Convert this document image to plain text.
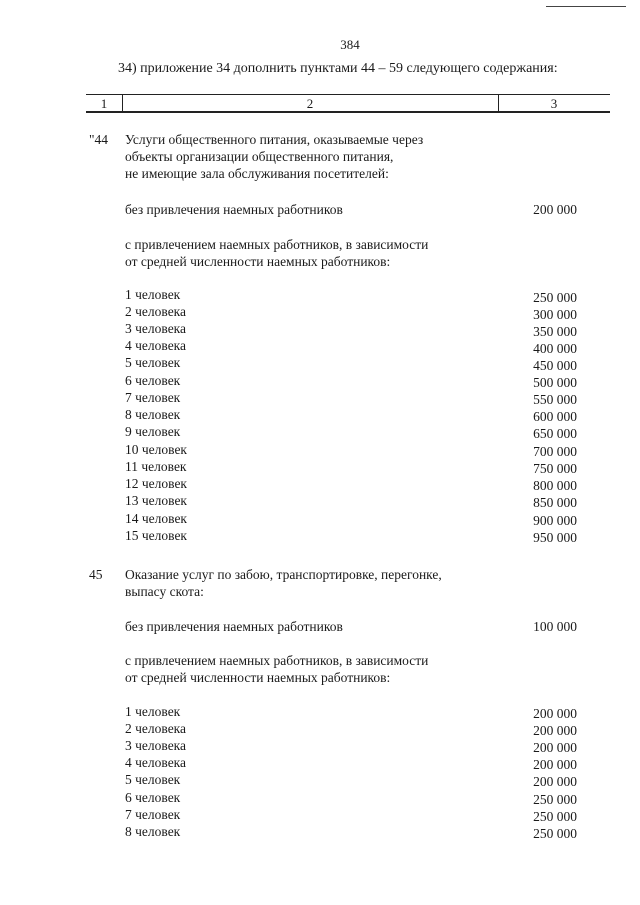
384
34) приложение 34 дополнить пунктами 44 – 59 следующего содержания:
1	2	3
"44 Услуги общественного питания, оказываемые через
объекты организации общественного питания,
не имеющие зала обслуживания посетителей:
без привлечения наемных работников	200 000
с привлечением наемных работников, в зависимости
от средней численности наемных работников:
1 человек	250 000
2 человека	300 000
3 человека	350 000
4 человека	400 000
5 человек	450 000
6 человек	500 000
7 человек	550 000
8 человек	600 000
9 человек	650 000
10 человек	700 000
11 человек	750 000
12 человек	800 000
13 человек	850 000
14 человек	900 000
15 человек	950 000
45 Оказание услуг по забою, транспортировке, перегонке,
выпасу скота:
без привлечения наемных работников	100 000
с привлечением наемных работников, в зависимости
от средней численности наемных работников:
1 человек	200 000
2 человека	200 000
3 человека	200 000
4 человека	200 000
5 человек	200 000
6 человек	250 000
7 человек	250 000
8 человек	250 000
